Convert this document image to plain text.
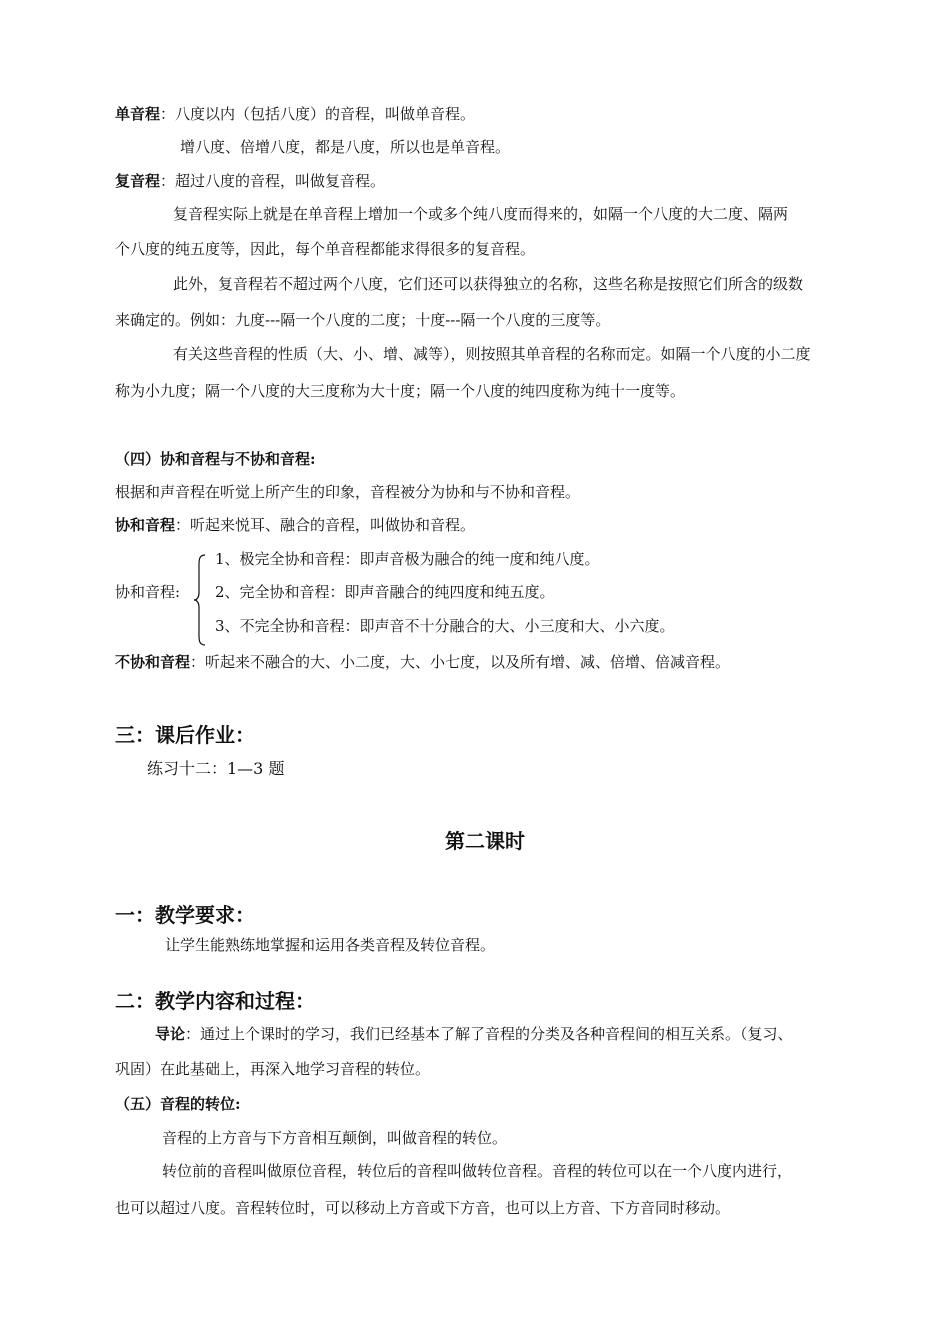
单音程：八度以内（包括八度）的音程，叫做单音程。
增八度、倍增八度，都是八度，所以也是单音程。
复音程：超过八度的音程，叫做复音程。
复音程实际上就是在单音程上增加一个或多个纯八度而得来的，如隔一个八度的大二度、隔两
个八度的纯五度等，因此，每个单音程都能求得很多的复音程。
此外，复音程若不超过两个八度，它们还可以获得独立的名称，这些名称是按照它们所含的级数
来确定的。例如：九度---隔一个八度的二度；十度---隔一个八度的三度等。
有关这些音程的性质（大、小、增、减等），则按照其单音程的名称而定。如隔一个八度的小二度
称为小九度；隔一个八度的大三度称为大十度；隔一个八度的纯四度称为纯十一度等。
（四）协和音程与不协和音程:
根据和声音程在听觉上所产生的印象，音程被分为协和与不协和音程。
协和音程：听起来悦耳、融合的音程，叫做协和音程。
协和音程:
1、极完全协和音程：即声音极为融合的纯一度和纯八度。
2、完全协和音程：即声音融合的纯四度和纯五度。
3、不完全协和音程：即声音不十分融合的大、小三度和大、小六度。
不协和音程：听起来不融合的大、小二度，大、小七度，以及所有增、减、倍增、倍减音程。
三：课后作业：
练习十二：1—3 题
第二课时
一：教学要求：
让学生能熟练地掌握和运用各类音程及转位音程。
二：教学内容和过程：
导论：通过上个课时的学习，我们已经基本了解了音程的分类及各种音程间的相互关系。（复习、
巩固）在此基础上，再深入地学习音程的转位。
（五）音程的转位:
音程的上方音与下方音相互颠倒，叫做音程的转位。
转位前的音程叫做原位音程，转位后的音程叫做转位音程。音程的转位可以在一个八度内进行，
也可以超过八度。音程转位时，可以移动上方音或下方音，也可以上方音、下方音同时移动。
